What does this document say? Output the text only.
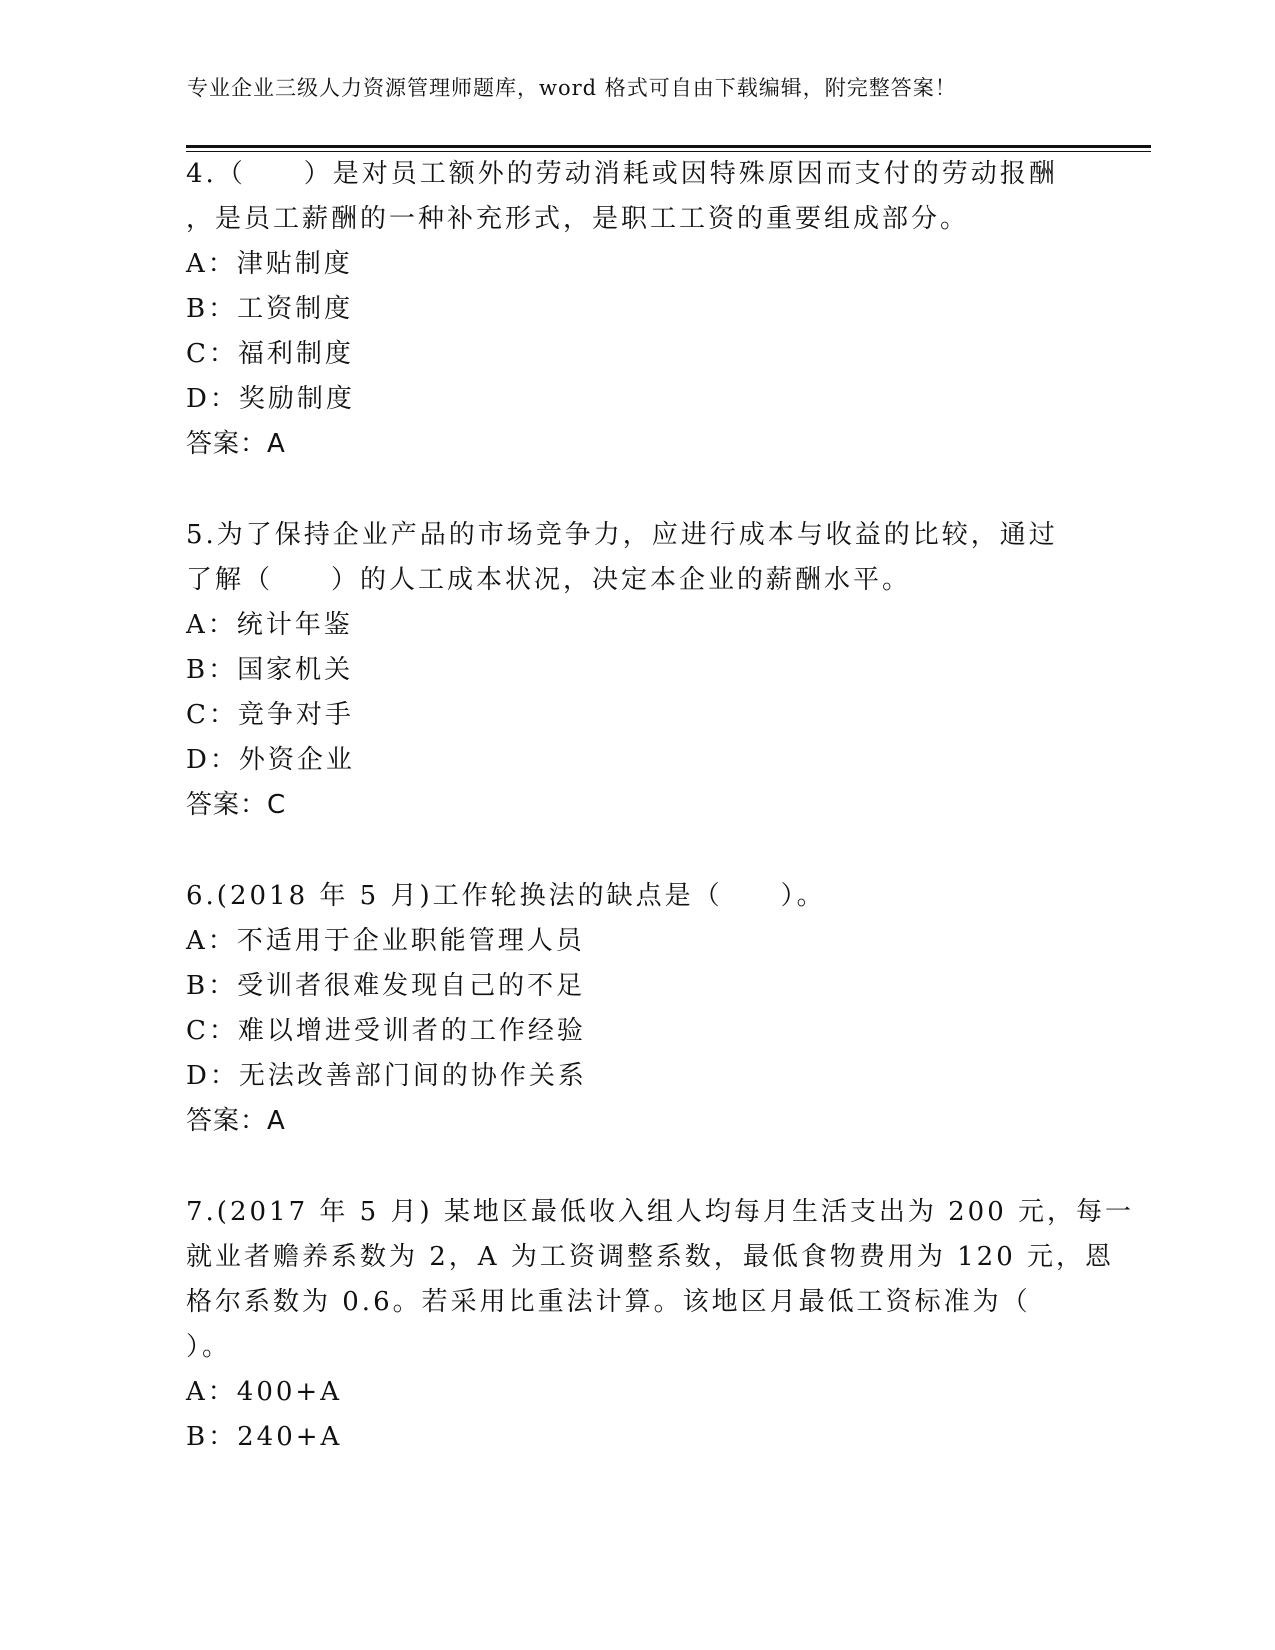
专业企业三级人力资源管理师题库，word 格式可自由下载编辑，附完整答案！
4.（　　）是对员工额外的劳动消耗或因特殊原因而支付的劳动报酬
，是员工薪酬的一种补充形式，是职工工资的重要组成部分。
A：津贴制度
B：工资制度
C：福利制度
D：奖励制度
答案：A
5.为了保持企业产品的市场竞争力，应进行成本与收益的比较，通过
了解（　　）的人工成本状况，决定本企业的薪酬水平。
A：统计年鉴
B：国家机关
C：竞争对手
D：外资企业
答案：C
6.(2018 年 5 月)工作轮换法的缺点是（　　）。
A：不适用于企业职能管理人员
B：受训者很难发现自己的不足
C：难以增进受训者的工作经验
D：无法改善部门间的协作关系
答案：A
7.(2017 年 5 月) 某地区最低收入组人均每月生活支出为 200 元，每一
就业者赡养系数为 2，A 为工资调整系数，最低食物费用为 120 元，恩
格尔系数为 0.6。若采用比重法计算。该地区月最低工资标准为（
）。
A：400+A
B：240+A
